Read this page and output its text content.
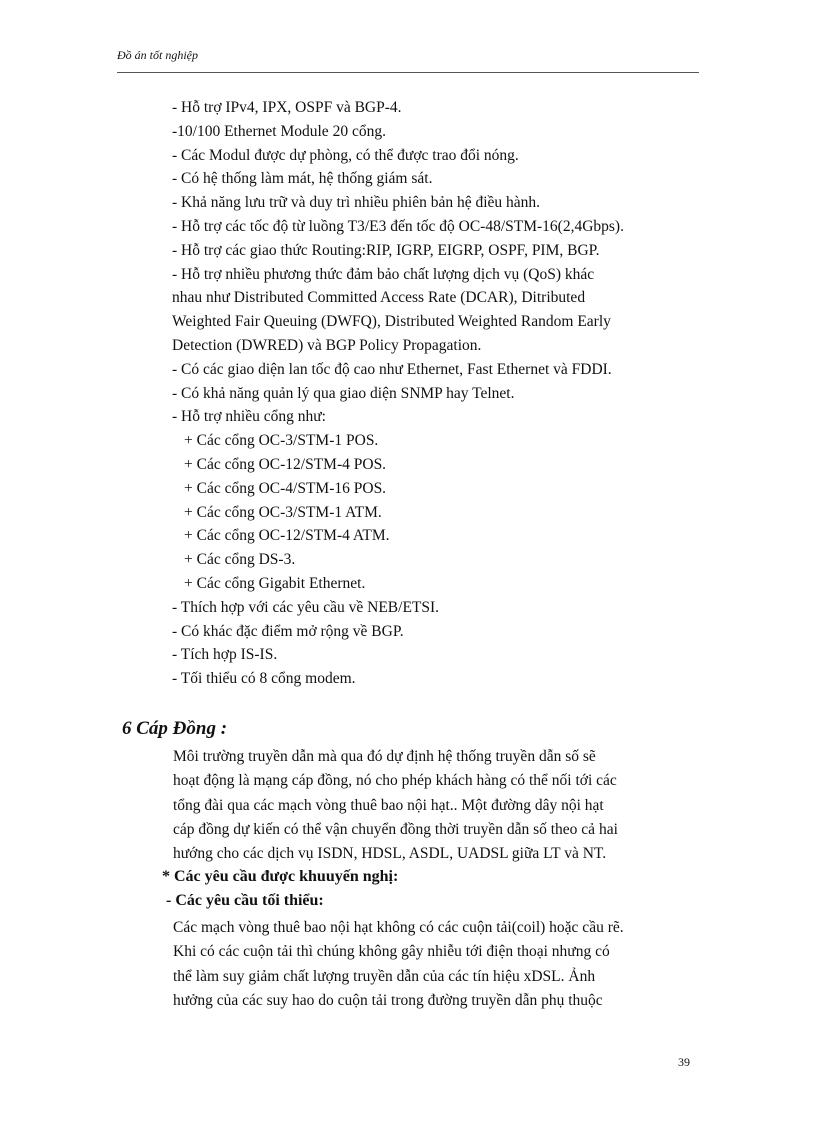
Đồ án tốt nghiệp
- Hỗ trợ IPv4, IPX, OSPF và BGP-4.
-10/100 Ethernet Module 20 cổng.
- Các Modul được dự phòng, có thể được trao đổi nóng.
- Có hệ thống làm mát, hệ thống giám sát.
- Khả năng lưu trữ và duy trì nhiều phiên bản hệ điều hành.
- Hỗ trợ các tốc độ từ luồng T3/E3 đến tốc độ OC-48/STM-16(2,4Gbps).
- Hỗ trợ các giao thức Routing:RIP, IGRP, EIGRP, OSPF, PIM, BGP.
- Hỗ trợ nhiều phương thức đảm bảo chất lượng dịch vụ (QoS) khác
nhau như Distributed Committed Access Rate (DCAR), Ditributed
Weighted Fair Queuing (DWFQ), Distributed Weighted Random Early
Detection (DWRED) và BGP Policy Propagation.
- Có các giao diện lan tốc độ cao như Ethernet, Fast Ethernet và FDDI.
- Có khả năng quản lý qua giao diện SNMP hay Telnet.
- Hỗ trợ nhiều cổng như:
+ Các cổng OC-3/STM-1 POS.
+ Các cổng OC-12/STM-4 POS.
+ Các cổng OC-4/STM-16 POS.
+ Các cổng OC-3/STM-1 ATM.
+ Các cổng OC-12/STM-4 ATM.
+ Các cổng DS-3.
+ Các cổng Gigabit Ethernet.
- Thích hợp với các yêu cầu về NEB/ETSI.
- Có khác đặc điểm mở rộng về BGP.
- Tích hợp IS-IS.
- Tối thiểu có 8 cổng modem.
6 Cáp Đồng :
Môi trường truyền dẫn mà qua đó dự định hệ thống truyền dẫn số sẽ
hoạt động là mạng cáp đồng, nó cho phép khách hàng có thể nối tới các
tổng đài qua các mạch vòng thuê bao nội hạt.. Một đường dây nội hạt
cáp đồng dự kiến có thể vận chuyển đồng thời truyền dẫn số theo cả hai
hướng cho các dịch vụ ISDN, HDSL, ASDL, UADSL giữa LT và NT.
* Các yêu cầu được khuuyến nghị:
- Các yêu cầu tối thiểu:
Các mạch vòng thuê bao nội hạt không có các cuộn tải(coil) hoặc cầu rẽ.
Khi có các cuộn tải thì chúng không gây nhiễu tới điện thoại nhưng có
thể làm suy giảm chất lượng truyền dẫn của các tín hiệu xDSL. Ảnh
hưởng của các suy hao do cuộn tải trong đường truyền dẫn phụ thuộc
39
